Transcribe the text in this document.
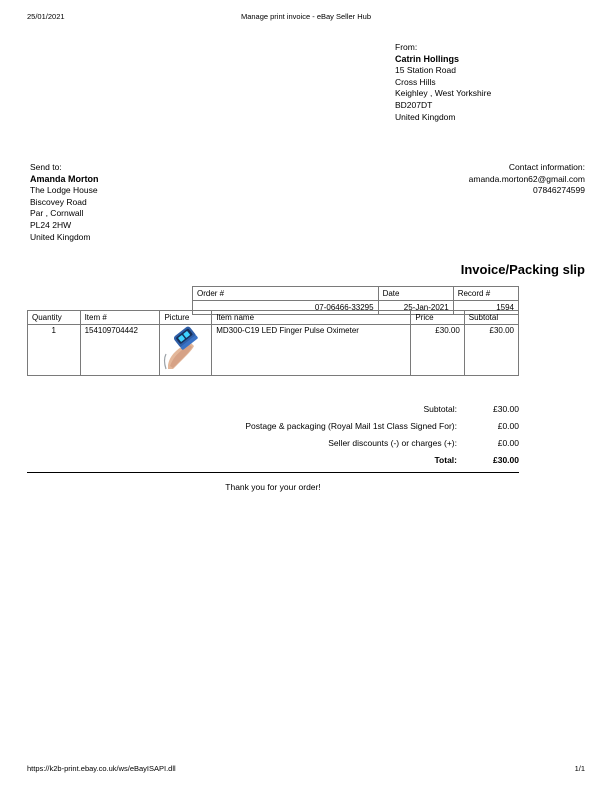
25/01/2021	Manage print invoice - eBay Seller Hub
From:
Catrin Hollings
15 Station Road
Cross Hills
Keighley , West Yorkshire
BD207DT
United Kingdom
Send to:
Amanda Morton
The Lodge House
Biscovey Road
Par , Cornwall
PL24 2HW
United Kingdom
Contact information:
amanda.morton62@gmail.com
07846274599
Invoice/Packing slip
Order #	Date	Record #
07-06466-33295	25-Jan-2021	1594
Quantity	Item #	Picture	Item name	Price	Subtotal
1	154109704442		MD300-C19 LED Finger Pulse Oximeter	£30.00	£30.00
Subtotal:	£30.00
Postage & packaging (Royal Mail 1st Class Signed For):	£0.00
Seller discounts (-) or charges (+):	£0.00
Total:	£30.00
Thank you for your order!
https://k2b-print.ebay.co.uk/ws/eBayISAPI.dll	1/1
